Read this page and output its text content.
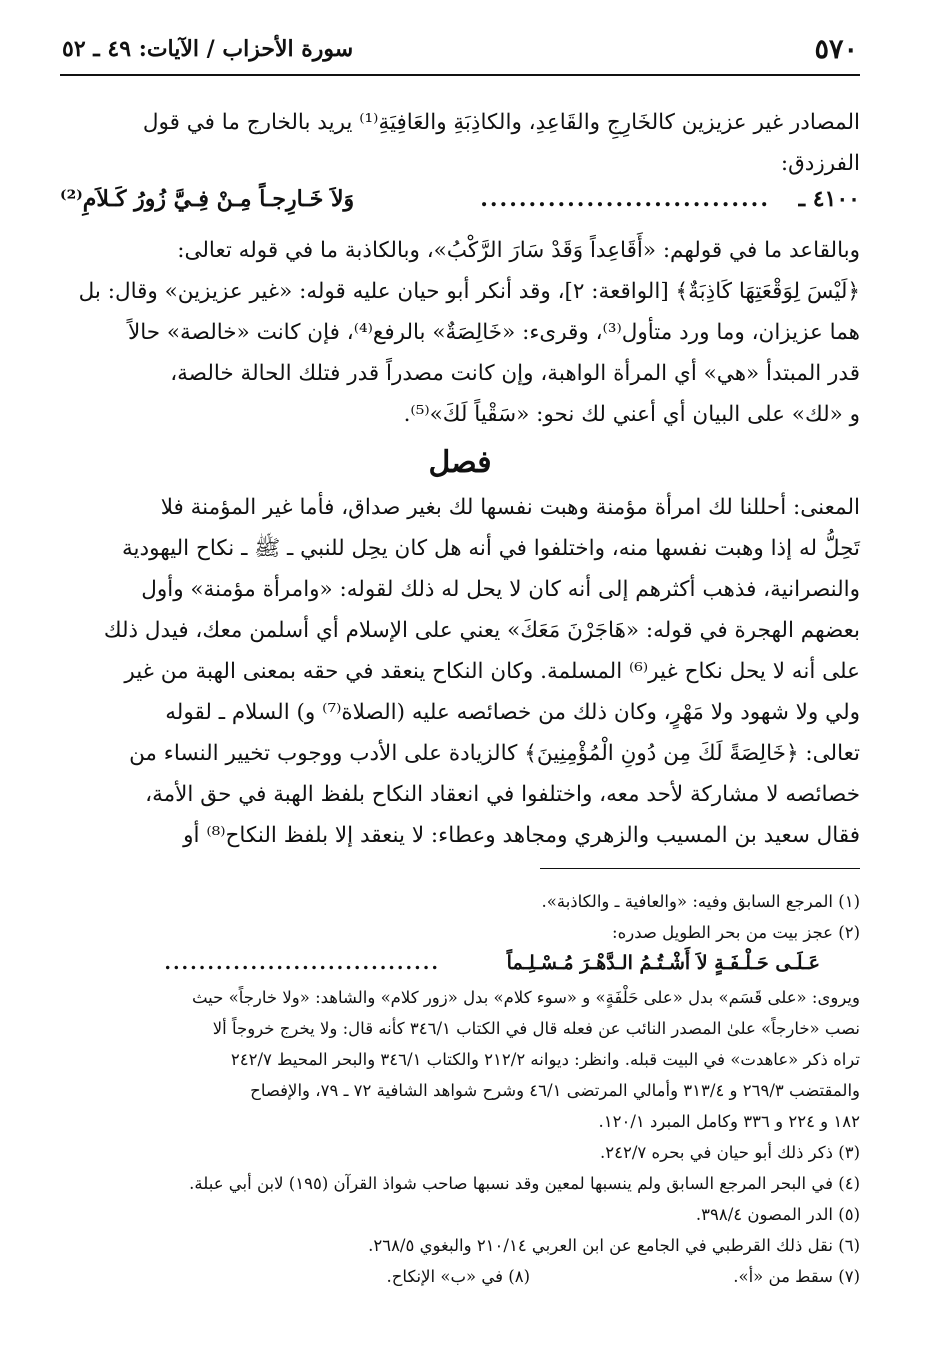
٥٧٠
سورة الأحزاب / الآيات: ٤٩ ـ ٥٢

المصادر غير عزيزين كالخَارِجِ والقَاعِدِ، والكاذِبَةِ والعَافِيَةِ⁽¹⁾ يريد بالخارج ما في قول

الفرزدق:

٤١٠٠ ـ
..............................
وَلاَ خَـارِجـاً مِـنْ فِـيَّ زُورُ كَـلاَمِ⁽²⁾

وبالقاعد ما في قولهم: «أَقَاعِداً وَقَدْ سَارَ الرَّكْبُ»، وبالكاذبة ما في قوله تعالى:

﴿لَيْسَ لِوَقْعَتِهَا كَاذِبَةٌ﴾ [الواقعة: ٢]، وقد أنكر أبو حيان عليه قوله: «غير عزيزين» وقال: بل

هما عزيزان، وما ورد متأول⁽³⁾، وقرىء: «خَالِصَةٌ» بالرفع⁽⁴⁾، فإن كانت «خالصة» حالاً

قدر المبتدأ «هي» أي المرأة الواهبة، وإن كانت مصدراً قدر فتلك الحالة خالصة،

و «لك» على البيان أي أعني لك نحو: «سَقْياً لَكَ»⁽⁵⁾.

فصل

المعنى: أحللنا لك امرأة مؤمنة وهبت نفسها لك بغير صداق، فأما غير المؤمنة فلا

تَحِلُّ له إذا وهبت نفسها منه، واختلفوا في أنه هل كان يحِل للنبي ـ ﷺ ـ نكاح اليهودية

والنصرانية، فذهب أكثرهم إلى أنه كان لا يحل له ذلك لقوله: «وامرأة مؤمنة» وأول

بعضهم الهجرة في قوله: «هَاجَرْنَ مَعَكَ» يعني على الإسلام أي أسلمن معك، فيدل ذلك

على أنه لا يحل نكاح غير⁽⁶⁾ المسلمة. وكان النكاح ينعقد في حقه بمعنى الهبة من غير

ولي ولا شهود ولا مَهْرٍ، وكان ذلك من خصائصه عليه (الصلاة⁽⁷⁾ و) السلام ـ لقوله

تعالى: ﴿خَالِصَةً لَكَ مِن دُونِ الْمُؤْمِنِينَ﴾ كالزيادة على الأدب ووجوب تخيير النساء من

خصائصه لا مشاركة لأحد معه، واختلفوا في انعقاد النكاح بلفظ الهبة في حق الأمة،

فقال سعيد بن المسيب والزهري ومجاهد وعطاء: لا ينعقد إلا بلفظ النكاح⁽⁸⁾ أو

(١) المرجع السابق وفيه: «والعافية ـ والكاذبة».

(٢) عجز بيت من بحر الطويل صدره:

عَـلَـى حَـلْـفَـةٍ لاَ أَشْـتُـمُ الـدَّهْـرَ مُـسْـلِـماً
................................

ويروى: «على قَسَم» بدل «على حَلْفَةٍ» و «سوء كلام» بدل «زور كلام» والشاهد: «ولا خارجاً» حيث

نصب «خارجاً» علىٰ المصدر النائب عن فعله قال في الكتاب ٣٤٦/١ كأنه قال: ولا يخرج خروجاً ألا

تراه ذكر «عاهدت» في البيت قبله. وانظر: ديوانه ٢١٢/٢ والكتاب ٣٤٦/١ والبحر المحيط ٢٤٢/٧

والمقتضب ٢٦٩/٣ و ٣١٣/٤ وأمالي المرتضى ٤٦/١ وشرح شواهد الشافية ٧٢ ـ ٧٩، والإفصاح

١٨٢ و ٢٢٤ و ٣٣٦ وكامل المبرد ١٢٠/١.

(٣) ذكر ذلك أبو حيان في بحره ٢٤٢/٧.

(٤) في البحر المرجع السابق ولم ينسبها لمعين وقد نسبها صاحب شواذ القرآن (١٩٥) لابن أبي عبلة.

(٥) الدر المصون ٣٩٨/٤.

(٦) نقل ذلك القرطبي في الجامع عن ابن العربي ٢١٠/١٤ والبغوي ٢٦٨/٥.

(٧) سقط من «أ».
(٨) في «ب» الإنكاح.
